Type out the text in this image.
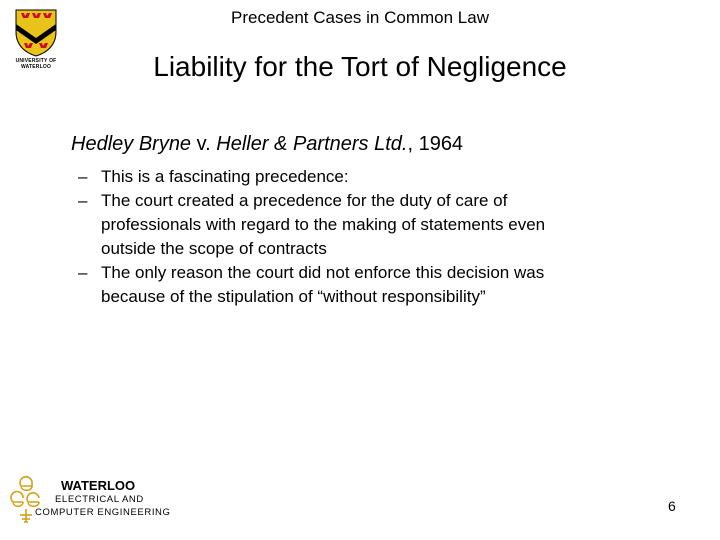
UNIVERSITY OF
WATERLOO
Precedent Cases in Common Law
Liability for the Tort of Negligence
Hedley Bryne v. Heller & Partners Ltd., 1964
– This is a fascinating precedence:
– The court created a precedence for the duty of care of
professionals with regard to the making of statements even
outside the scope of contracts
– The only reason the court did not enforce this decision was
because of the stipulation of “without responsibility”
WATERLOO
ELECTRICAL AND
COMPUTER ENGINEERING	6
